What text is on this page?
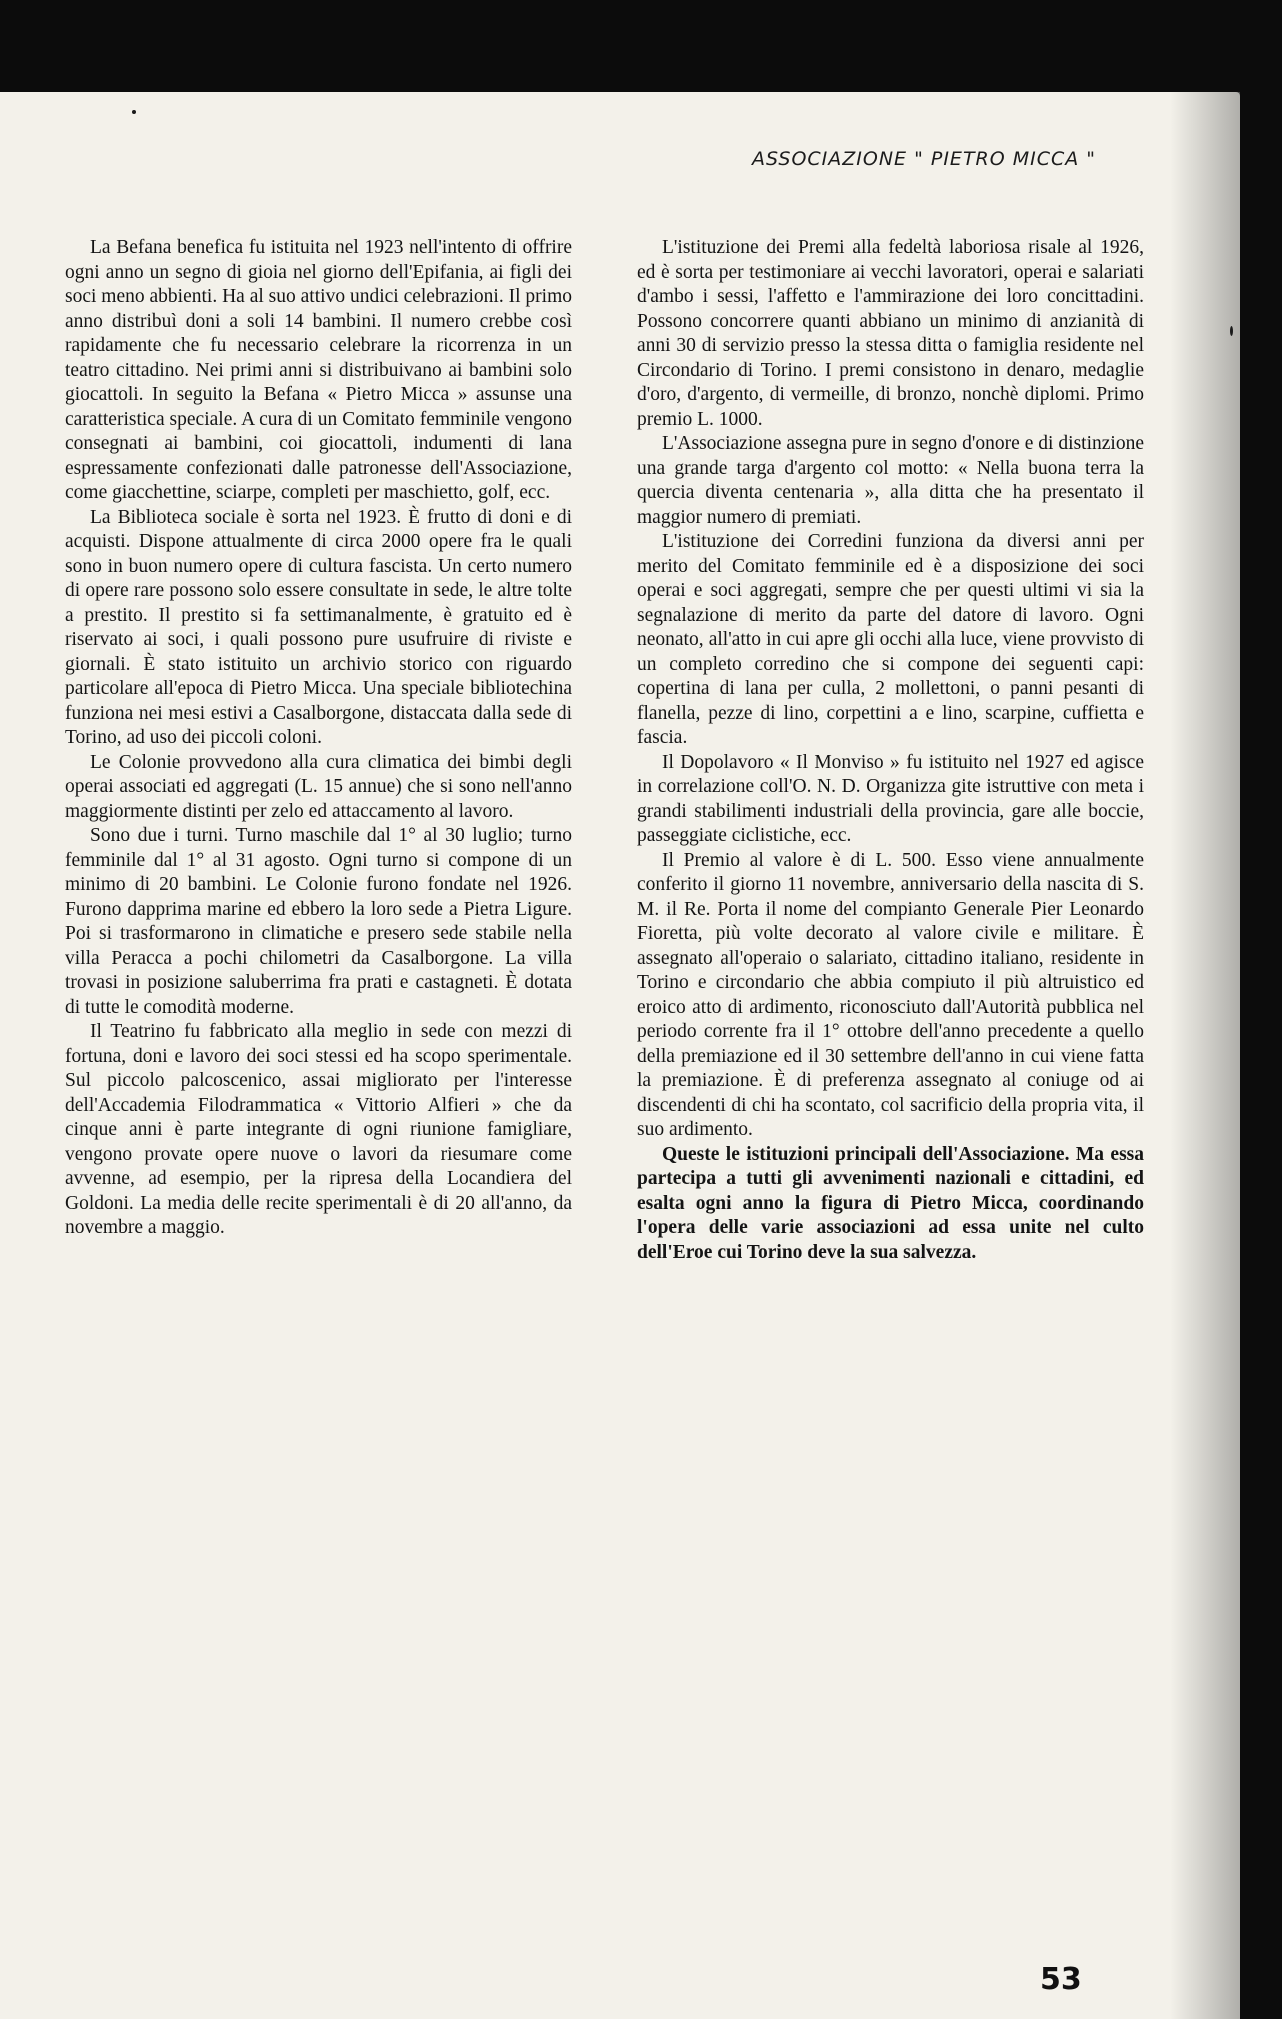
ASSOCIAZIONE " PIETRO MICCA "

La Befana benefica fu istituita nel 1923 nell'intento di offrire ogni anno un segno di gioia nel giorno dell'Epifania, ai figli dei soci meno abbienti. Ha al suo attivo undici celebrazioni. Il primo anno distribuì doni a soli 14 bambini. Il numero crebbe così rapidamente che fu necessario celebrare la ricorrenza in un teatro cittadino. Nei primi anni si distribuivano ai bambini solo giocattoli. In seguito la Befana « Pietro Micca » assunse una caratteristica speciale. A cura di un Comitato femminile vengono consegnati ai bambini, coi giocattoli, indumenti di lana espressamente confezionati dalle patronesse dell'Associazione, come giacchettine, sciarpe, completi per maschietto, golf, ecc.

La Biblioteca sociale è sorta nel 1923. È frutto di doni e di acquisti. Dispone attualmente di circa 2000 opere fra le quali sono in buon numero opere di cultura fascista. Un certo numero di opere rare possono solo essere consultate in sede, le altre tolte a prestito. Il prestito si fa settimanalmente, è gratuito ed è riservato ai soci, i quali possono pure usufruire di riviste e giornali. È stato istituito un archivio storico con riguardo particolare all'epoca di Pietro Micca. Una speciale bibliotechina funziona nei mesi estivi a Casalborgone, distaccata dalla sede di Torino, ad uso dei piccoli coloni.

Le Colonie provvedono alla cura climatica dei bimbi degli operai associati ed aggregati (L. 15 annue) che si sono nell'anno maggiormente distinti per zelo ed attaccamento al lavoro.

Sono due i turni. Turno maschile dal 1° al 30 luglio; turno femminile dal 1° al 31 agosto. Ogni turno si compone di un minimo di 20 bambini. Le Colonie furono fondate nel 1926. Furono dapprima marine ed ebbero la loro sede a Pietra Ligure. Poi si trasformarono in climatiche e presero sede stabile nella villa Peracca a pochi chilometri da Casalborgone. La villa trovasi in posizione saluberrima fra prati e castagneti. È dotata di tutte le comodità moderne.

Il Teatrino fu fabbricato alla meglio in sede con mezzi di fortuna, doni e lavoro dei soci stessi ed ha scopo sperimentale. Sul piccolo palcoscenico, assai migliorato per l'interesse dell'Accademia Filodrammatica « Vittorio Alfieri » che da cinque anni è parte integrante di ogni riunione famigliare, vengono provate opere nuove o lavori da riesumare come avvenne, ad esempio, per la ripresa della Locandiera del Goldoni. La media delle recite sperimentali è di 20 all'anno, da novembre a maggio.

L'istituzione dei Premi alla fedeltà laboriosa risale al 1926, ed è sorta per testimoniare ai vecchi lavoratori, operai e salariati d'ambo i sessi, l'affetto e l'ammirazione dei loro concittadini. Possono concorrere quanti abbiano un minimo di anzianità di anni 30 di servizio presso la stessa ditta o famiglia residente nel Circondario di Torino. I premi consistono in denaro, medaglie d'oro, d'argento, di vermeille, di bronzo, nonchè diplomi. Primo premio L. 1000.

L'Associazione assegna pure in segno d'onore e di distinzione una grande targa d'argento col motto: « Nella buona terra la quercia diventa centenaria », alla ditta che ha presentato il maggior numero di premiati.

L'istituzione dei Corredini funziona da diversi anni per merito del Comitato femminile ed è a disposizione dei soci operai e soci aggregati, sempre che per questi ultimi vi sia la segnalazione di merito da parte del datore di lavoro. Ogni neonato, all'atto in cui apre gli occhi alla luce, viene provvisto di un completo corredino che si compone dei seguenti capi: copertina di lana per culla, 2 mollettoni, o panni pesanti di flanella, pezze di lino, corpettini a e lino, scarpine, cuffietta e fascia.

Il Dopolavoro « Il Monviso » fu istituito nel 1927 ed agisce in correlazione coll'O. N. D. Organizza gite istruttive con meta i grandi stabilimenti industriali della provincia, gare alle boccie, passeggiate ciclistiche, ecc.

Il Premio al valore è di L. 500. Esso viene annualmente conferito il giorno 11 novembre, anniversario della nascita di S. M. il Re. Porta il nome del compianto Generale Pier Leonardo Fioretta, più volte decorato al valore civile e militare. È assegnato all'operaio o salariato, cittadino italiano, residente in Torino e circondario che abbia compiuto il più altruistico ed eroico atto di ardimento, riconosciuto dall'Autorità pubblica nel periodo corrente fra il 1° ottobre dell'anno precedente a quello della premiazione ed il 30 settembre dell'anno in cui viene fatta la premiazione. È di preferenza assegnato al coniuge od ai discendenti di chi ha scontato, col sacrificio della propria vita, il suo ardimento.

Queste le istituzioni principali dell'Associazione. Ma essa partecipa a tutti gli avvenimenti nazionali e cittadini, ed esalta ogni anno la figura di Pietro Micca, coordinando l'opera delle varie associazioni ad essa unite nel culto dell'Eroe cui Torino deve la sua salvezza.

53
